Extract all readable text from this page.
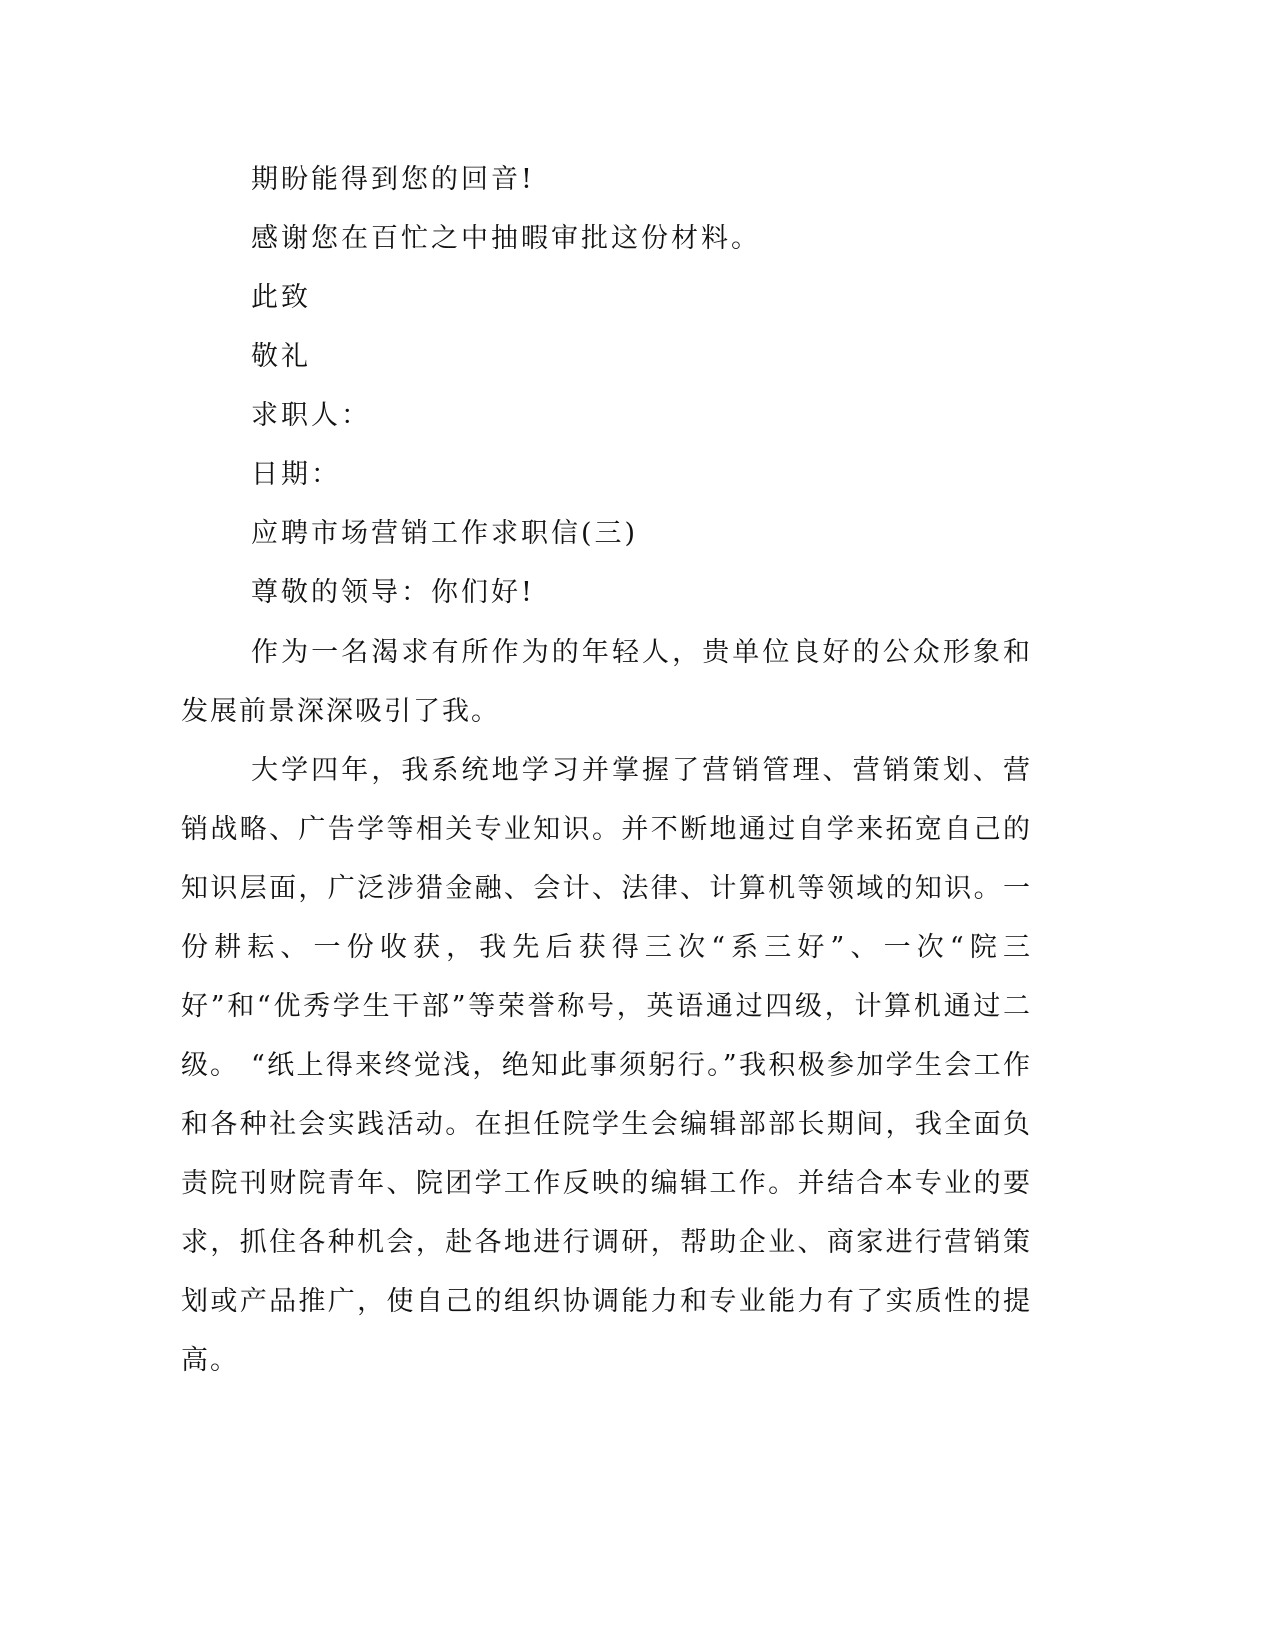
期盼能得到您的回音!
感谢您在百忙之中抽暇审批这份材料。
此致
敬礼
求职人：
日期：
应聘市场营销工作求职信(三)
尊敬的领导：你们好!
作为一名渴求有所作为的年轻人，贵单位良好的公众形象和发展前景深深吸引了我。
大学四年，我系统地学习并掌握了营销管理、营销策划、营销战略、广告学等相关专业知识。并不断地通过自学来拓宽自己的知识层面，广泛涉猎金融、会计、法律、计算机等领域的知识。一份耕耘、一份收获，我先后获得三次“系三好”、一次“院三好”和“优秀学生干部”等荣誉称号，英语通过四级，计算机通过二级。 “纸上得来终觉浅，绝知此事须躬行。”我积极参加学生会工作和各种社会实践活动。在担任院学生会编辑部部长期间，我全面负责院刊财院青年、院团学工作反映的编辑工作。并结合本专业的要求，抓住各种机会，赴各地进行调研，帮助企业、商家进行营销策划或产品推广，使自己的组织协调能力和专业能力有了实质性的提高。
